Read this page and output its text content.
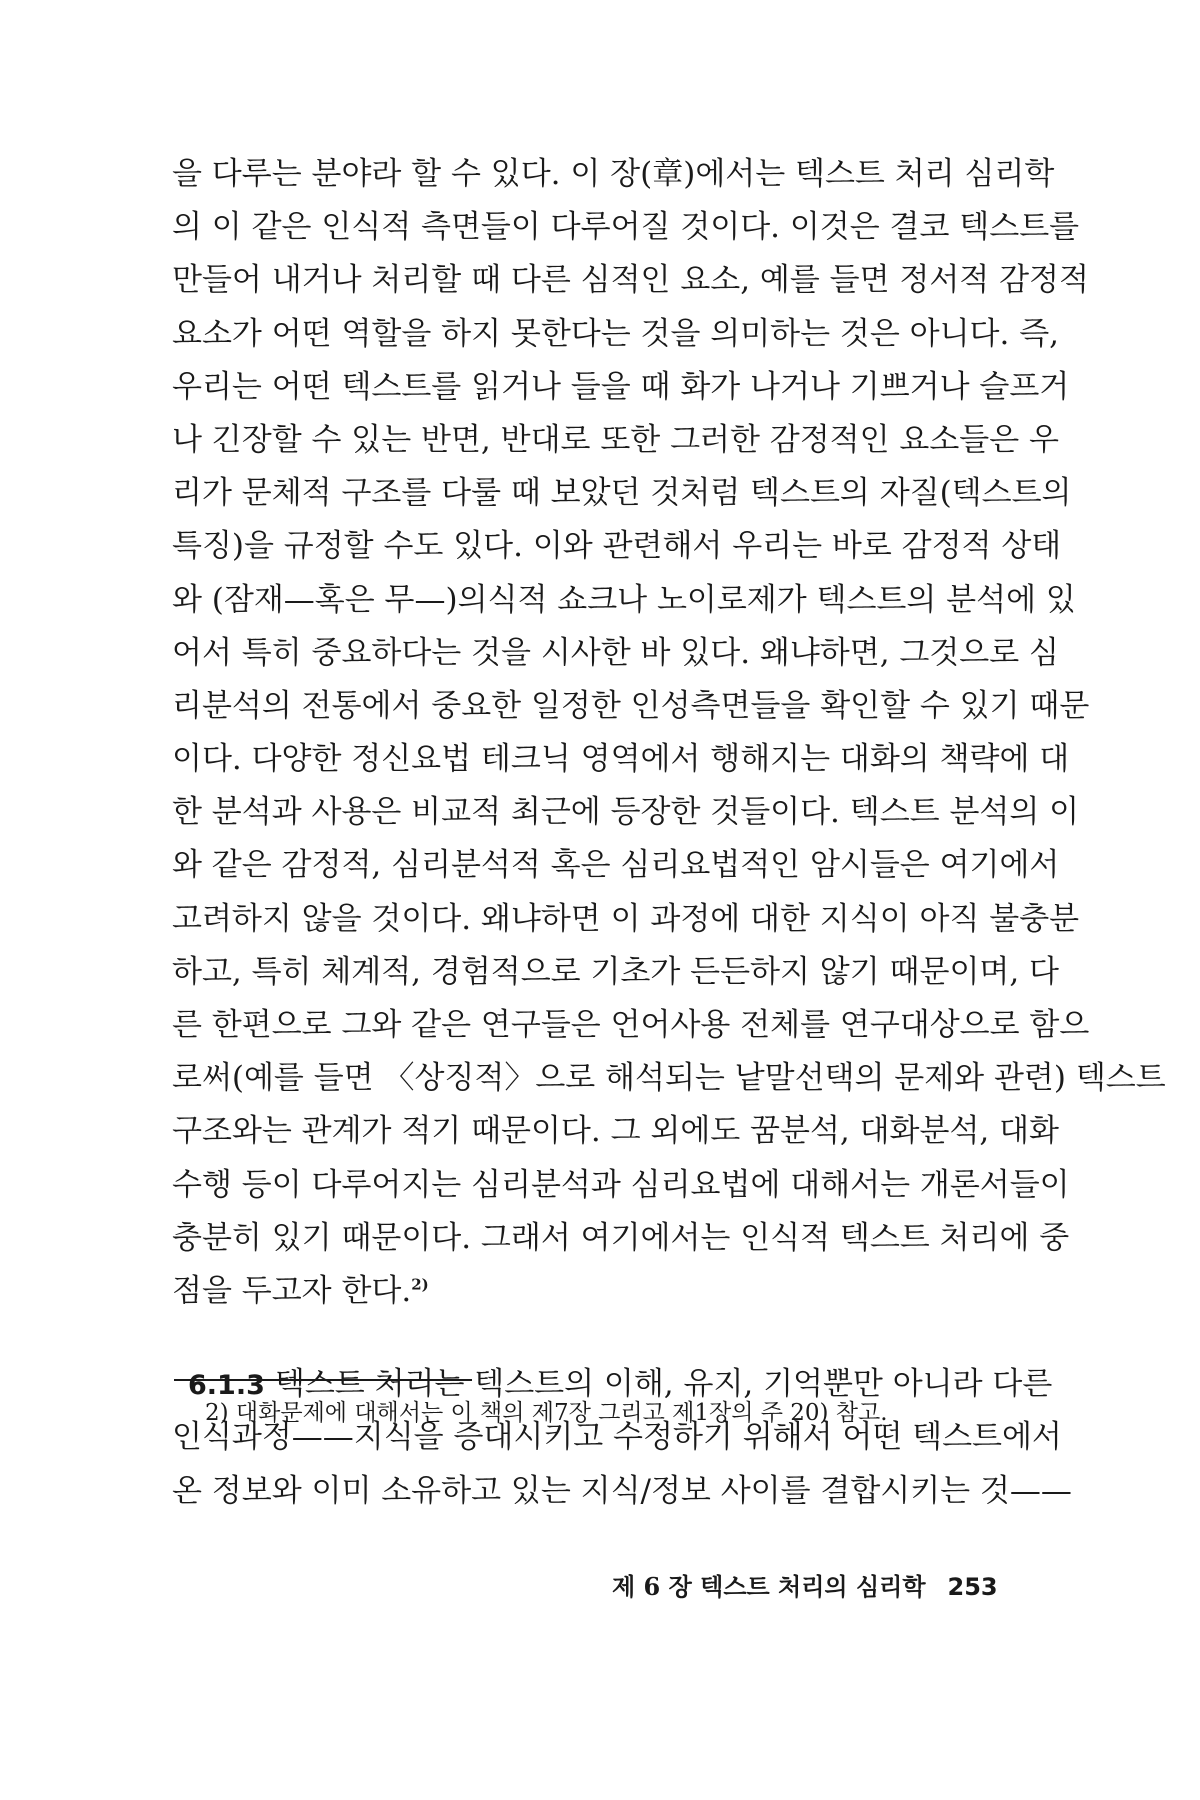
을 다루는 분야라 할 수 있다. 이 장(章)에서는 텍스트 처리 심리학
의 이 같은 인식적 측면들이 다루어질 것이다. 이것은 결코 텍스트를
만들어 내거나 처리할 때 다른 심적인 요소, 예를 들면 정서적 감정적
요소가 어떤 역할을 하지 못한다는 것을 의미하는 것은 아니다. 즉,
우리는 어떤 텍스트를 읽거나 들을 때 화가 나거나 기쁘거나 슬프거
나 긴장할 수 있는 반면, 반대로 또한 그러한 감정적인 요소들은 우
리가 문체적 구조를 다룰 때 보았던 것처럼 텍스트의 자질(텍스트의
특징)을 규정할 수도 있다. 이와 관련해서 우리는 바로 감정적 상태
와 (잠재—혹은 무—)의식적 쇼크나 노이로제가 텍스트의 분석에 있
어서 특히 중요하다는 것을 시사한 바 있다. 왜냐하면, 그것으로 심
리분석의 전통에서 중요한 일정한 인성측면들을 확인할 수 있기 때문
이다. 다양한 정신요법 테크닉 영역에서 행해지는 대화의 책략에 대
한 분석과 사용은 비교적 최근에 등장한 것들이다. 텍스트 분석의 이
와 같은 감정적, 심리분석적 혹은 심리요법적인 암시들은 여기에서
고려하지 않을 것이다. 왜냐하면 이 과정에 대한 지식이 아직 불충분
하고, 특히 체계적, 경험적으로 기초가 든든하지 않기 때문이며, 다
른 한편으로 그와 같은 연구들은 언어사용 전체를 연구대상으로 함으
로써(예를 들면 〈상징적〉으로 해석되는 낱말선택의 문제와 관련) 텍스트
구조와는 관계가 적기 때문이다. 그 외에도 꿈분석, 대화분석, 대화
수행 등이 다루어지는 심리분석과 심리요법에 대해서는 개론서들이
충분히 있기 때문이다. 그래서 여기에서는 인식적 텍스트 처리에 중
점을 두고자 한다.$^{2)}$
6.1.3 텍스트 처리는 텍스트의 이해, 유지, 기억뿐만 아니라 다른
인식과정——지식을 증대시키고 수정하기 위해서 어떤 텍스트에서
온 정보와 이미 소유하고 있는 지식/정보 사이를 결합시키는 것——
2) 대화문제에 대해서는 이 책의 제7장 그리고 제1장의 주 20) 참고.
제 6 장 텍스트 처리의 심리학 253
